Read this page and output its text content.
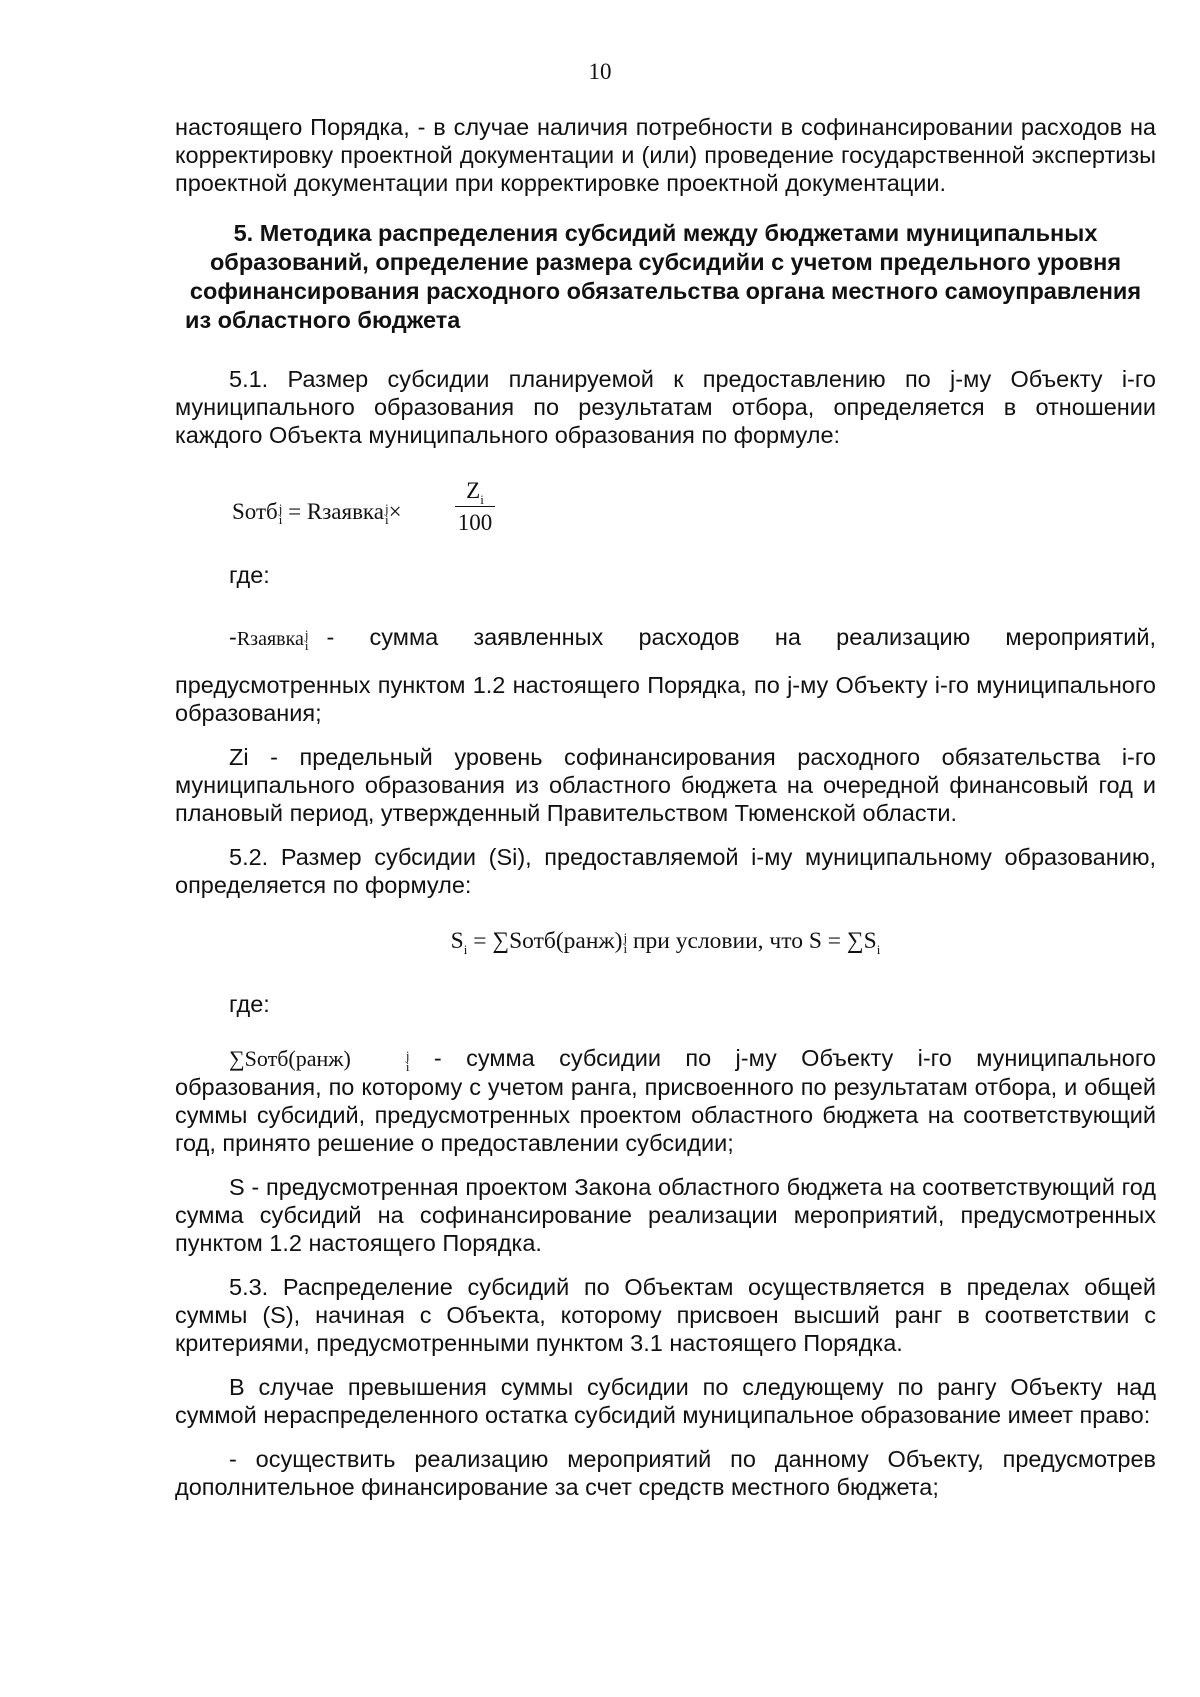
10

настоящего Порядка, - в случае наличия потребности в софинансировании расходов на корректировку проектной документации и (или) проведение государственной экспертизы проектной документации при корректировке проектной документации.

5. Методика распределения субсидий между бюджетами муниципальных образований, определение размера субсидийи с учетом предельного уровня софинансирования расходного обязательства органа местного самоуправления из областного бюджета

5.1. Размер субсидии планируемой к предоставлению по j-му Объекту i-го муниципального образования по результатам отбора, определяется в отношении каждого Объекта муниципального образования по формуле:

Sотб j
i = Rзаявка j
i ×
$Z_i$
100

где:

- Rзаявка j
i - сумма заявленных расходов на реализацию мероприятий,

предусмотренных пунктом 1.2 настоящего Порядка, по j-му Объекту i-го муниципального образования;

Zi - предельный уровень софинансирования расходного обязательства i-го муниципального образования из областного бюджета на очередной финансовый год и плановый период, утвержденный Правительством Тюменской области.

5.2. Размер субсидии (Si), предоставляемой i-му муниципальному образованию, определяется по формуле:

$S_i$ = ∑Sотб(ранж) j
i при условии, что $S = \sum S_i$

где:

∑Sотб(ранж)	j
i - сумма субсидии по j-му Объекту i-го муниципального образования, по которому с учетом ранга, присвоенного по результатам отбора, и общей суммы субсидий, предусмотренных проектом областного бюджета на соответствующий год, принято решение о предоставлении субсидии;

S - предусмотренная проектом Закона областного бюджета на соответствующий год сумма субсидий на софинансирование реализации мероприятий, предусмотренных пунктом 1.2 настоящего Порядка.

5.3. Распределение субсидий по Объектам осуществляется в пределах общей суммы (S), начиная с Объекта, которому присвоен высший ранг в соответствии с критериями, предусмотренными пунктом 3.1 настоящего Порядка.

В случае превышения суммы субсидии по следующему по рангу Объекту над суммой нераспределенного остатка субсидий муниципальное образование имеет право:

- осуществить реализацию мероприятий по данному Объекту, предусмотрев дополнительное финансирование за счет средств местного бюджета;
